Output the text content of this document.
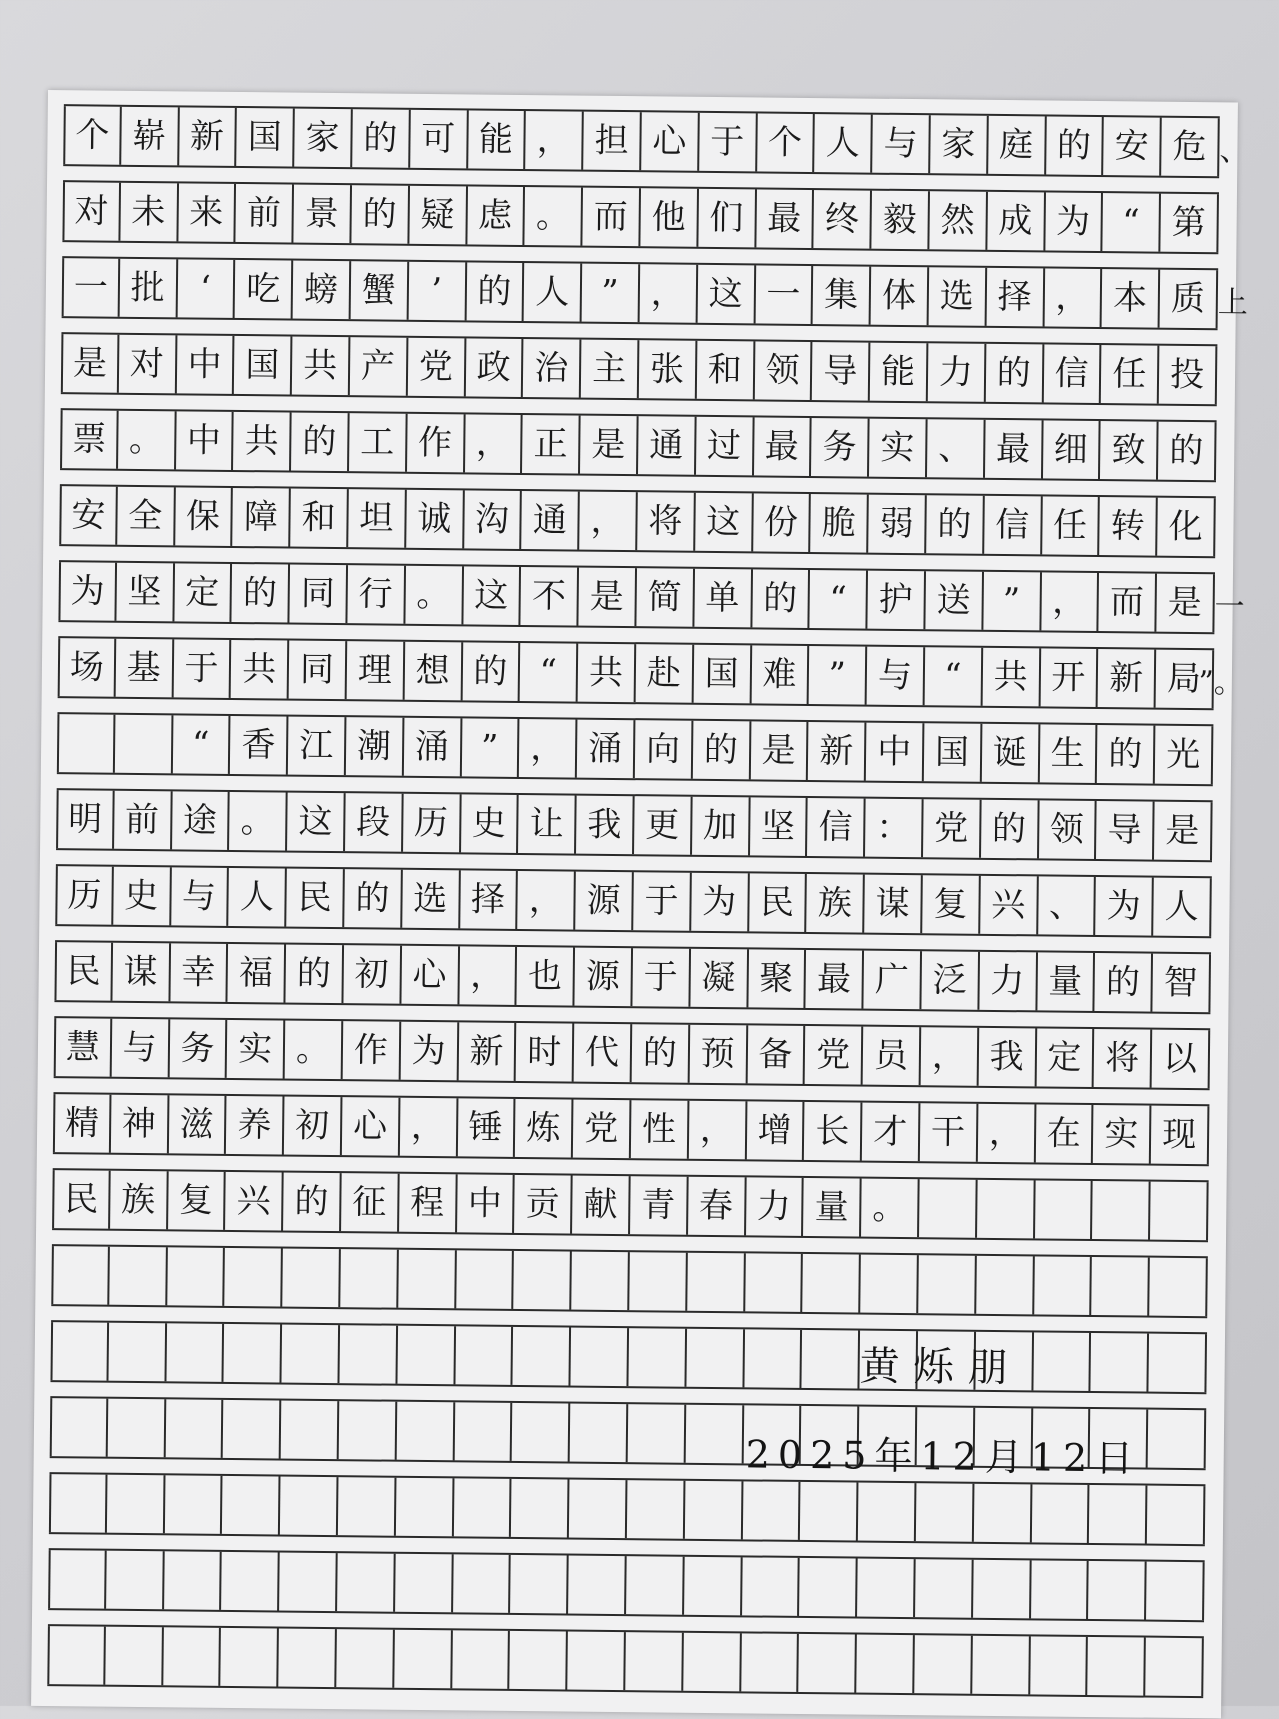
个 崭 新 国 家 的 可 能 ， 担 心 于 个 人 与 家 庭 的 安 危 、
对 未 来 前 景 的 疑 虑 。 而 他 们 最 终 毅 然 成 为 “ 第
一 批	‘	吃 螃 蟹	’	的 人 ” ， 这 一 集 体 选 择 ， 本 质 上
是 对 中 国 共 产 党 政 治 主 张 和 领 导 能 力 的 信 任 投
票 。 中 共 的 工 作 ， 正 是 通 过 最 务 实 、 最 细 致 的
安 全 保 障 和 坦 诚 沟 通 ， 将 这 份 脆 弱 的 信 任 转 化
为 坚 定 的 同 行 。 这 不 是 简 单 的 “ 护 送 ” ， 而 是 一
场 基 于 共 同 理 想 的 “ 共 赴 国 难 ” 与 “ 共 开 新 局
”。

“ 香 江 潮 涌 ” ， 涌 向 的 是 新 中 国 诞 生 的 光
明 前 途 。 这 段 历 史 让 我 更 加 坚 信 ： 党 的 领 导 是
历 史 与 人 民 的 选 择 ， 源 于 为 民 族 谋 复 兴 、 为 人
民 谋 幸 福 的 初 心 ， 也 源 于 凝 聚 最 广 泛 力 量 的 智
慧 与 务 实 。 作 为 新 时 代 的 预 备 党 员 ， 我 定 将 以
精 神 滋 养 初 心 ， 锤 炼 党 性 ， 增 长 才 干 ， 在 实 现
民 族 复 兴 的 征 程 中 贡 献 青 春 力 量 。
黄烁朋
2025年12月12日
